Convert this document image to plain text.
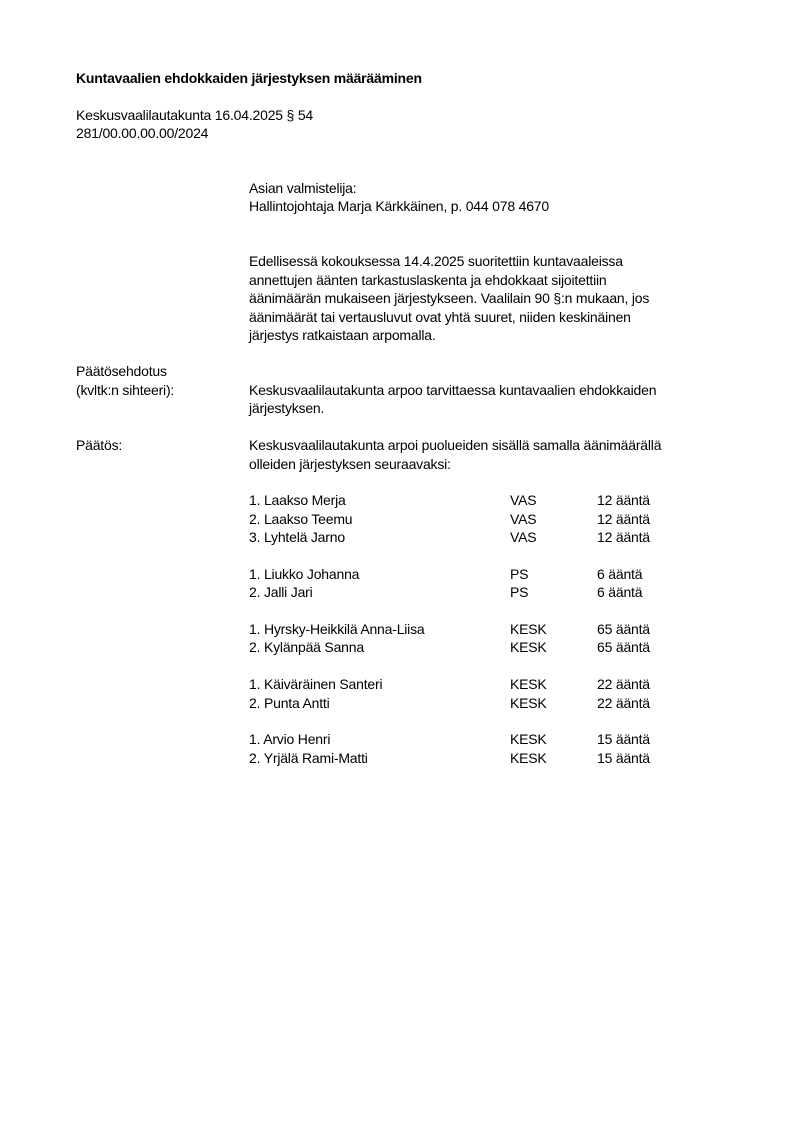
Kuntavaalien ehdokkaiden järjestyksen määrääminen
Keskusvaalilautakunta 16.04.2025 § 54
281/00.00.00.00/2024
Asian valmistelija:
Hallintojohtaja Marja Kärkkäinen, p. 044 078 4670
Edellisessä kokouksessa 14.4.2025 suoritettiin kuntavaaleissa
annettujen äänten tarkastuslaskenta ja ehdokkaat sijoitettiin
äänimäärän mukaiseen järjestykseen. Vaalilain 90 §:n mukaan, jos
äänimäärät tai vertausluvut ovat yhtä suuret, niiden keskinäinen
järjestys ratkaistaan arpomalla.
Päätösehdotus
(kvltk:n sihteeri):	Keskusvaalilautakunta arpoo tarvittaessa kuntavaalien ehdokkaiden
järjestyksen.
Päätös:	Keskusvaalilautakunta arpoi puolueiden sisällä samalla äänimäärällä
olleiden järjestyksen seuraavaksi:
1. Laakso Merja	VAS	12 ääntä
2. Laakso Teemu	VAS	12 ääntä
3. Lyhtelä Jarno	VAS	12 ääntä
1. Liukko Johanna	PS	6 ääntä
2. Jalli Jari	PS	6 ääntä
1. Hyrsky-Heikkilä Anna-Liisa	KESK	65 ääntä
2. Kylänpää Sanna	KESK	65 ääntä
1. Käiväräinen Santeri	KESK	22 ääntä
2. Punta Antti	KESK	22 ääntä
1. Arvio Henri	KESK	15 ääntä
2. Yrjälä Rami-Matti	KESK	15 ääntä
